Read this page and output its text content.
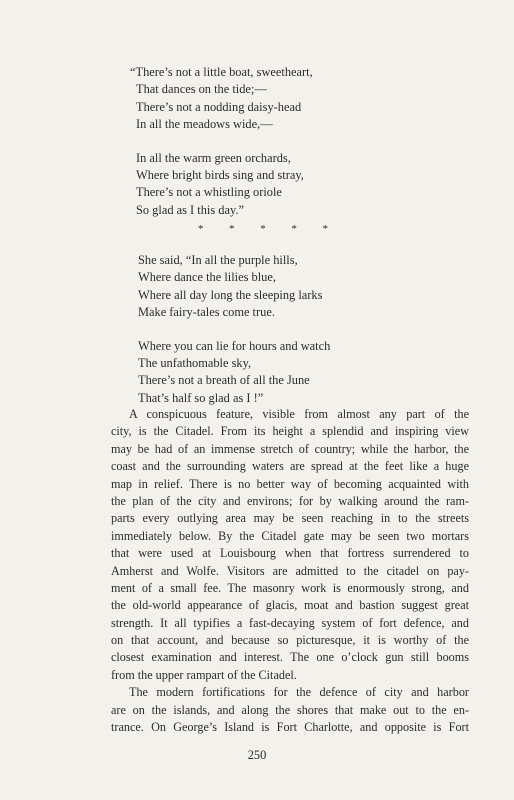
“There’s not a little boat, sweetheart,
That dances on the tide;—
There’s not a nodding daisy-head
In all the meadows wide,—
In all the warm green orchards,
Where bright birds sing and stray,
There’s not a whistling oriole
So glad as I this day.”
* * * * *
She said, “In all the purple hills,
Where dance the lilies blue,
Where all day long the sleeping larks
Make fairy-tales come true.
Where you can lie for hours and watch
The unfathomable sky,
There’s not a breath of all the June
That’s half so glad as I !”
A conspicuous feature, visible from almost any part of the
city, is the Citadel. From its height a splendid and inspiring view
may be had of an immense stretch of country; while the harbor, the
coast and the surrounding waters are spread at the feet like a huge
map in relief. There is no better way of becoming acquainted with
the plan of the city and environs; for by walking around the ram-
parts every outlying area may be seen reaching in to the streets
immediately below. By the Citadel gate may be seen two mortars
that were used at Louisbourg when that fortress surrendered to
Amherst and Wolfe. Visitors are admitted to the citadel on pay-
ment of a small fee. The masonry work is enormously strong, and
the old-world appearance of glacis, moat and bastion suggest great
strength. It all typifies a fast-decaying system of fort defence, and
on that account, and because so picturesque, it is worthy of the
closest examination and interest. The one o’clock gun still booms
from the upper rampart of the Citadel.
The modern fortifications for the defence of city and harbor
are on the islands, and along the shores that make out to the en-
trance. On George’s Island is Fort Charlotte, and opposite is Fort
250
